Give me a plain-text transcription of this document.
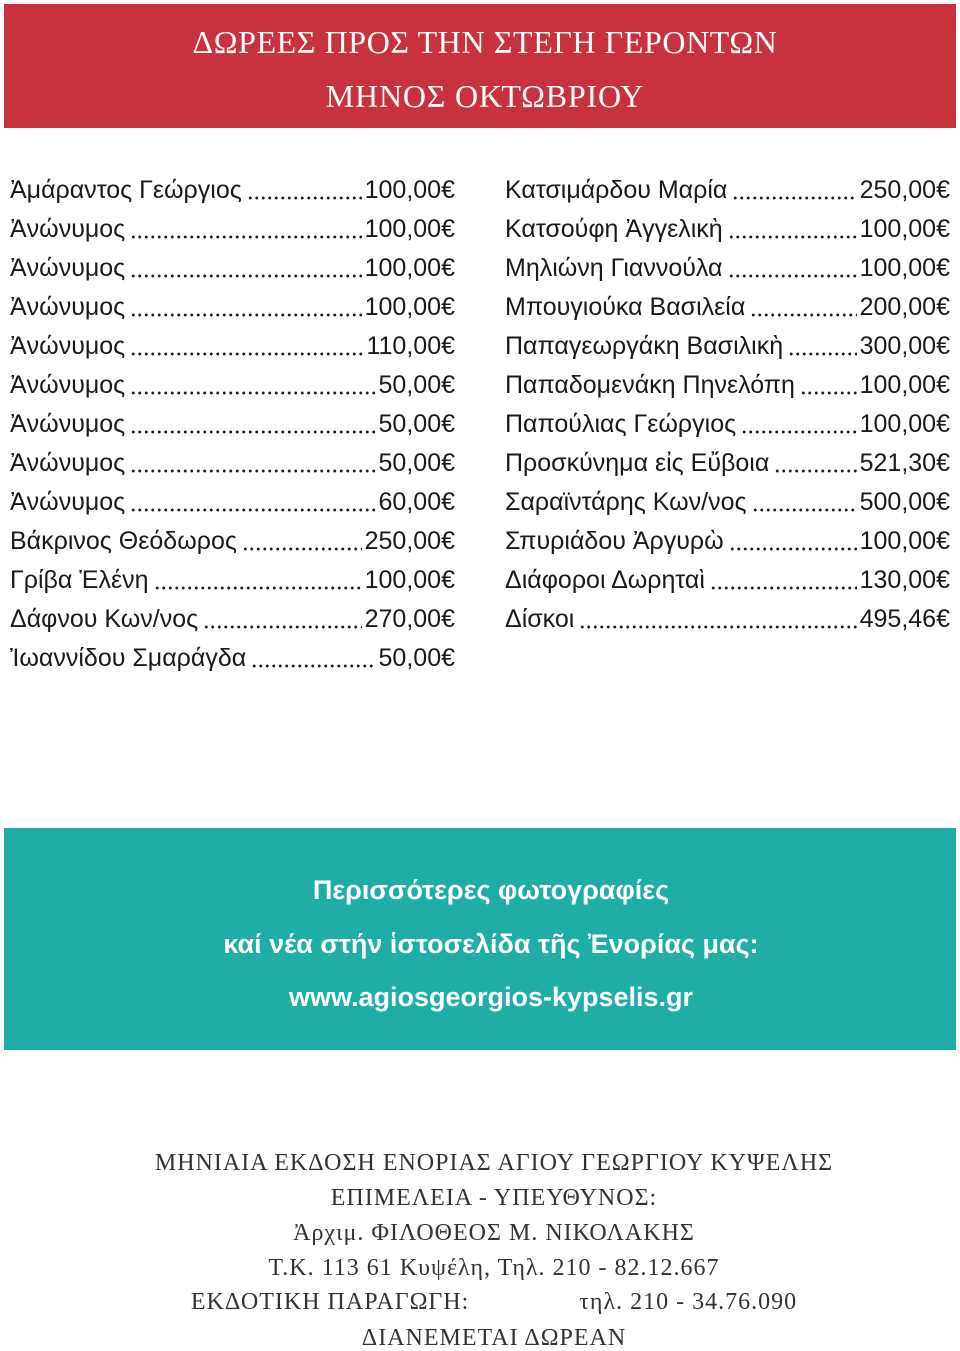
ΔΩΡΕΕΣ ΠΡΟΣ ΤΗΝ ΣΤΕΓΗ ΓΕΡΟΝΤΩΝ
ΜΗΝΟΣ ΟΚΤΩΒΡΙΟΥ
Ἀμάραντος Γεώργιος	100,00€
Ἀνώνυμος	100,00€
Ἀνώνυμος	100,00€
Ἀνώνυμος	100,00€
Ἀνώνυμος	110,00€
Ἀνώνυμος	50,00€
Ἀνώνυμος	50,00€
Ἀνώνυμος	50,00€
Ἀνώνυμος	60,00€
Βάκρινος Θεόδωρος	250,00€
Γρίβα Ἑλένη	100,00€
Δάφνου Κων/νος	270,00€
Ἰωαννίδου Σμαράγδα	50,00€
Κατσιμάρδου Μαρία	250,00€
Κατσούφη Ἀγγελικὴ	100,00€
Μηλιώνη Γιαννούλα	100,00€
Μπουγιούκα Βασιλεία	200,00€
Παπαγεωργάκη Βασιλικὴ	300,00€
Παπαδομενάκη Πηνελόπη	100,00€
Παπούλιας Γεώργιος	100,00€
Προσκύνημα εἰς Εὔβοια	521,30€
Σαραϊντάρης Κων/νος	500,00€
Σπυριάδου Ἀργυρὼ	100,00€
Διάφοροι Δωρηταὶ	130,00€
Δίσκοι	495,46€
Περισσότερες φωτογραφίες
καί νέα στήν ἱστοσελίδα τῆς Ἐνορίας μας:
www.agiosgeorgios-kypselis.gr
ΜΗΝΙΑΙΑ ΕΚΔΟΣΗ ΕΝΟΡΙΑΣ ΑΓΙΟΥ ΓΕΩΡΓΙΟΥ ΚΥΨΕΛΗΣ
ΕΠΙΜΕΛΕΙΑ - ΥΠΕΥΘΥΝΟΣ:
Ἀρχιμ. ΦΙΛΟΘΕΟΣ Μ. ΝΙΚΟΛΑΚΗΣ
Τ.Κ. 113 61 Κυψέλη, Τηλ. 210 - 82.12.667
ΕΚΔΟΤΙΚΗ ΠΑΡΑΓΩΓΗ:	τηλ. 210 - 34.76.090
ΔΙΑΝΕΜΕΤΑΙ ΔΩΡΕΑΝ
